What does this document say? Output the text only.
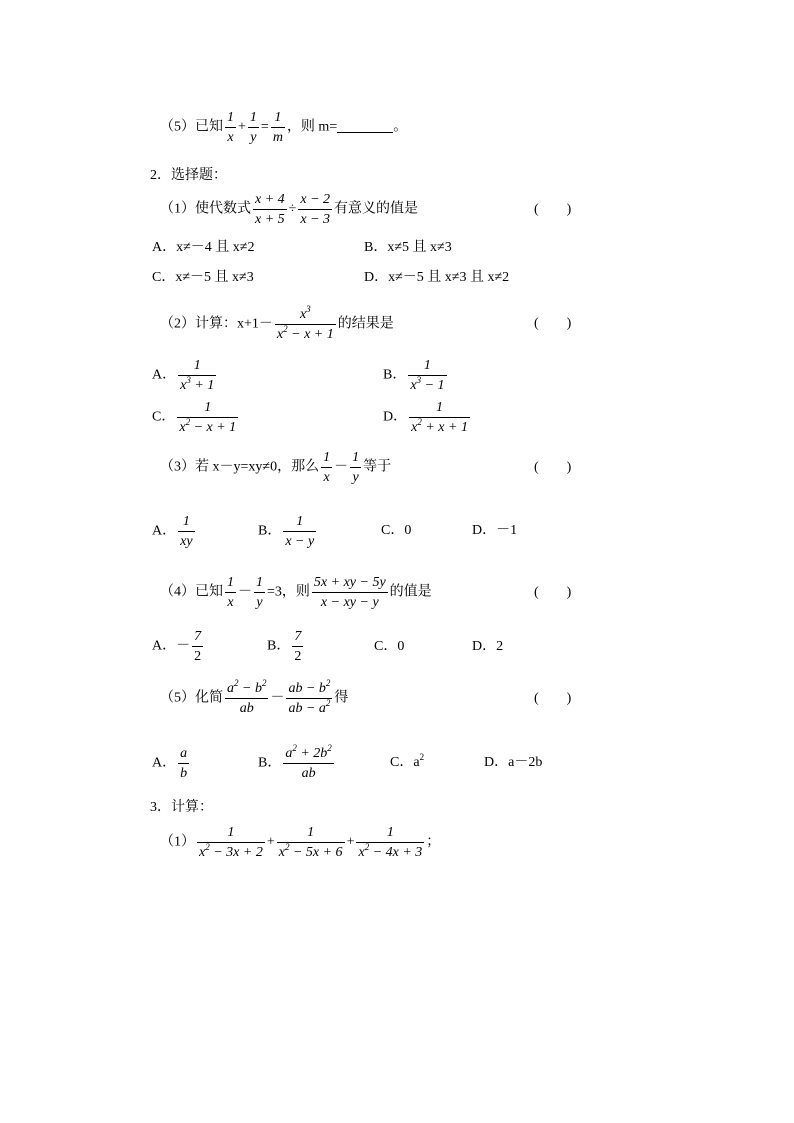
（5）已知 $\frac{1}{x} + \frac{1}{y} = \frac{1}{m}$ ，则 m=	。
2．选择题：
（1）使代数式 $\frac{x + 4}{x + 5} \div \frac{x - 2}{x - 3}$ 有意义的值是	(　　)
A．x≠－4 且 x≠2	B．x≠5 且 x≠3
C．x≠－5 且 x≠3	D．x≠－5 且 x≠3 且 x≠2
（2）计算：$x+1- \frac{x^3}{x^2 - x + 1}$ 的结果是	(　　)
A． $\frac{1}{x^3 + 1}$	B． $\frac{1}{x^3 - 1}$
C． $\frac{1}{x^2 - x + 1}$	D． $\frac{1}{x^2 + x + 1}$
（3）若 x－y=xy≠0，那么 $\frac{1}{x} - \frac{1}{y}$ 等于	(　　)
A． $\frac{1}{xy}$	B． $\frac{1}{x - y}$	C．0	D．－1
（4）已知 $\frac{1}{x} - \frac{1}{y} =3$，则 $\frac{5x + xy - 5y}{x - xy - y}$ 的值是	(　　)
A．－ $\frac{7}{2}$	B． $\frac{7}{2}$	C．0	D．2
（5）化简 $\frac{a^2 - b^2}{ab} - \frac{ab - b^2}{ab - a^2}$ 得	(　　)
A． $\frac{a}{b}$	B． $\frac{a^2 + 2b^2}{ab}$	C．$a^2$	D．a－2b
3．计算：
$(1) \frac{1}{x^2 - 3x + 2} + \frac{1}{x^2 - 5x + 6} + \frac{1}{x^2 - 4x + 3}$ ；
